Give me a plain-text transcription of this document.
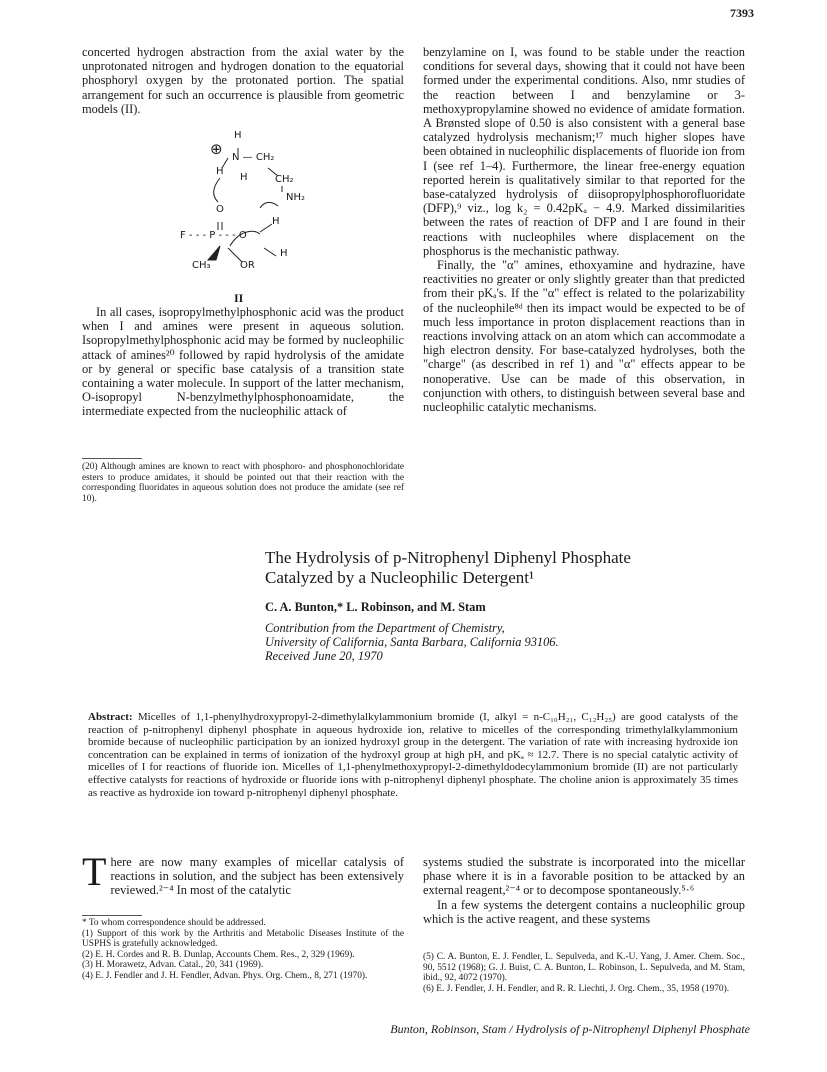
7393

concerted hydrogen abstraction from the axial water by the unprotonated nitrogen and hydrogen donation to the equatorial phosphoryl oxygen by the protonated portion. The spatial arrangement for such an occurrence is plausible from geometric models (II).

⊕
H
N — CH₂
H
H	CH₂
NH₂
O
H
F - - - P - - - O
H
CH₃	OR
II

In all cases, isopropylmethylphosphonic acid was the product when I and amines were present in aqueous solution. Isopropylmethylphosphonic acid may be formed by nucleophilic attack of amines²⁰ followed by rapid hydrolysis of the amidate or by general or specific base catalysis of a transition state containing a water molecule. In support of the latter mechanism, O-isopropyl N-benzylmethylphosphonoamidate, the intermediate expected from the nucleophilic attack of

(20) Although amines are known to react with phosphoro- and phosphonochloridate esters to produce amidates, it should be pointed out that their reaction with the corresponding fluoridates in aqueous solution does not produce the amidate (see ref 10).

benzylamine on I, was found to be stable under the reaction conditions for several days, showing that it could not have been formed under the experimental conditions. Also, nmr studies of the reaction between I and benzylamine or 3-methoxypropylamine showed no evidence of amidate formation. A Brønsted slope of 0.50 is also consistent with a general base catalyzed hydrolysis mechanism;¹⁷ much higher slopes have been obtained in nucleophilic displacements of fluoride ion from I (see ref 1–4). Furthermore, the linear free-energy equation reported herein is qualitatively similar to that reported for the base-catalyzed hydrolysis of diisopropylphosphorofluoridate (DFP),⁹ viz., log k₂ = 0.42pKₐ − 4.9. Marked dissimilarities between the rates of reaction of DFP and I are found in their reactions with nucleophiles where displacement on the phosphorus is the mechanistic pathway.

Finally, the "α" amines, ethoxyamine and hydrazine, have reactivities no greater or only slightly greater than that predicted from their pKₐ's. If the "α" effect is related to the polarizability of the nucleophile⁸ᵈ then its impact would be expected to be of much less importance in proton displacement reactions than in reactions involving attack on an atom which can accommodate a high electron density. For base-catalyzed hydrolyses, both the "charge" (as described in ref 1) and "α" effects appear to be nonoperative. Use can be made of this observation, in conjunction with others, to distinguish between several base and nucleophilic catalytic mechanisms.

The Hydrolysis of p-Nitrophenyl Diphenyl Phosphate
Catalyzed by a Nucleophilic Detergent¹
C. A. Bunton,* L. Robinson, and M. Stam
Contribution from the Department of Chemistry,
University of California, Santa Barbara, California 93106.
Received June 20, 1970
Abstract: Micelles of 1,1-phenylhydroxypropyl-2-dimethylalkylammonium bromide (I, alkyl = n-C₁₀H₂₁, C₁₂H₂₅) are good catalysts of the reaction of p-nitrophenyl diphenyl phosphate in aqueous hydroxide ion, relative to micelles of the corresponding trimethylalkylammonium bromide because of nucleophilic participation by an ionized hydroxyl group in the detergent. The variation of rate with increasing hydroxide ion concentration can be explained in terms of ionization of the hydroxyl group at high pH, and pKₐ ≈ 12.7. There is no special catalytic activity of micelles of I for reactions of fluoride ion. Micelles of 1,1-phenylmethoxypropyl-2-dimethyldodecylammonium bromide (II) are not particularly effective catalysts for reactions of hydroxide or fluoride ions with p-nitrophenyl diphenyl phosphate. The choline anion is approximately 35 times as reactive as hydroxide ion toward p-nitrophenyl diphenyl phosphate.
T here are now many examples of micellar catalysis of reactions in solution, and the subject has been extensively reviewed.²⁻⁴ In most of the catalytic

systems studied the substrate is incorporated into the micellar phase where it is in a favorable position to be attacked by an external reagent,²⁻⁴ or to decompose spontaneously.⁵·⁶

In a few systems the detergent contains a nucleophilic group which is the active reagent, and these systems

* To whom correspondence should be addressed.

(1) Support of this work by the Arthritis and Metabolic Diseases Institute of the USPHS is gratefully acknowledged.

(2) E. H. Cordes and R. B. Dunlap, Accounts Chem. Res., 2, 329 (1969).

(3) H. Morawetz, Advan. Catal., 20, 341 (1969).

(4) E. J. Fendler and J. H. Fendler, Advan. Phys. Org. Chem., 8, 271 (1970).

(5) C. A. Bunton, E. J. Fendler, L. Sepulveda, and K.-U. Yang, J. Amer. Chem. Soc., 90, 5512 (1968); G. J. Buist, C. A. Bunton, L. Robinson, L. Sepulveda, and M. Stam, ibid., 92, 4072 (1970).

(6) E. J. Fendler, J. H. Fendler, and R. R. Liechti, J. Org. Chem., 35, 1958 (1970).

Bunton, Robinson, Stam / Hydrolysis of p-Nitrophenyl Diphenyl Phosphate
